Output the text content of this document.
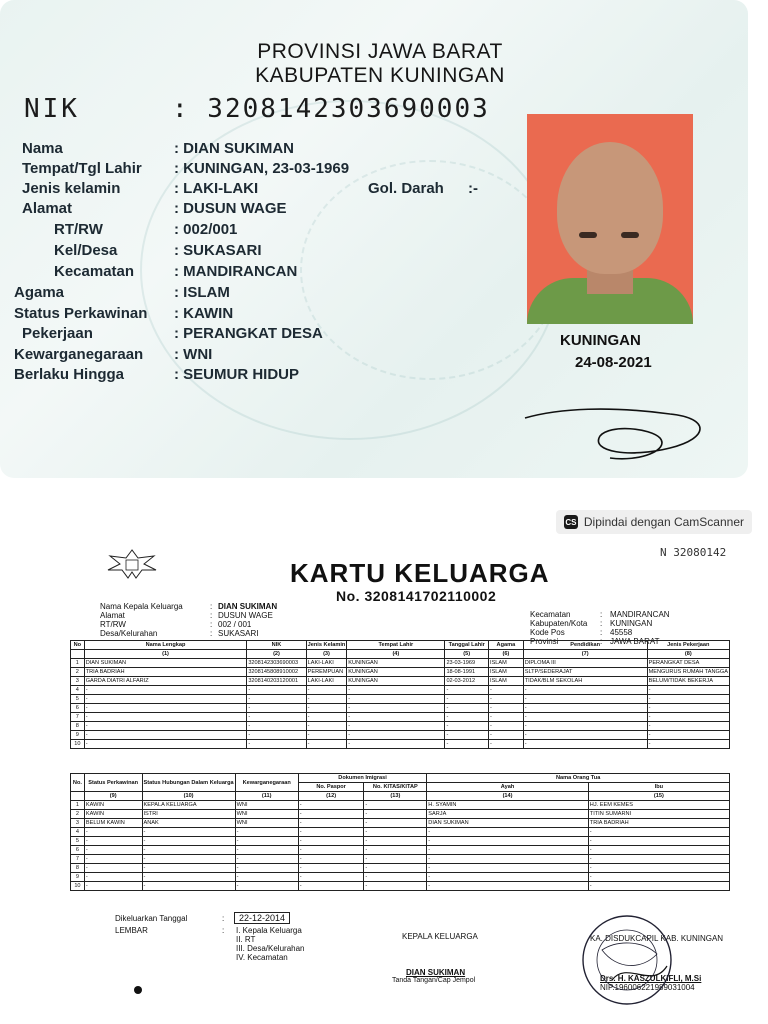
PROVINSI JAWA BARAT
KABUPATEN KUNINGAN
NIK	: 3208142303690003
Nama	: DIAN SUKIMAN
Tempat/Tgl Lahir : KUNINGAN, 23-03-1969
Jenis kelamin	: LAKI-LAKI
Alamat	: DUSUN WAGE
RT/RW	: 002/001
Kel/Desa	: SUKASARI
Kecamatan	: MANDIRANCAN
Agama	: ISLAM
Status Perkawinan : KAWIN
Pekerjaan	: PERANGKAT DESA
Kewarganegaraan : WNI
Berlaku Hingga	: SEUMUR HIDUP
Gol. Darah :-
KUNINGAN
24-08-2021
CS Dipindai dengan CamScanner
KARTU KELUARGA
No. 3208141702110002
N 32080142
Nama Kepala Keluarga	: DIAN SUKIMAN
Alamat	: DUSUN WAGE
RT/RW	: 002 / 001
Desa/Kelurahan	: SUKASARI
Kecamatan	: MANDIRANCAN
Kabupaten/Kota : KUNINGAN
Kode Pos	: 45558
Provinsi	: JAWA BARAT
No	Nama Lengkap	NIK	Jenis Kelamin	Tempat Lahir	Tanggal Lahir	Agama	Pendidikan	Jenis Pekerjaan
	(1)	(2)	(3)	(4)	(5)	(6)	(7)	(8)
1	DIAN SUKIMAN	3208142303690003	LAKI-LAKI	KUNINGAN	23-03-1969	ISLAM	DIPLOMA III	PERANGKAT DESA
2	TRIA BADRIAH	3208145808910002	PEREMPUAN	KUNINGAN	18-08-1991	ISLAM	SLTP/SEDERAJAT	MENGURUS RUMAH TANGGA
3	GARDA DIATRI ALFARIZ	3208140203120001	LAKI-LAKI	KUNINGAN	02-03-2012	ISLAM	TIDAK/BLM SEKOLAH	BELUM/TIDAK BEKERJA
4	-	-	-	-	-	-	-	-
5	-	-	-	-	-	-	-	-
6	-	-	-	-	-	-	-	-
7	-	-	-	-	-	-	-	-
8	-	-	-	-	-	-	-	-
9	-	-	-	-	-	-	-	-
10	-	-	-	-	-	-	-	-
No.	Status Perkawinan	Status Hubungan Dalam Keluarga	Kewarganegaraan	Dokumen Imigrasi		Nama Orang Tua	
				No. Paspor	No. KITAS/KITAP	Ayah	Ibu
	(9)	(10)	(11)	(12)	(13)	(14)	(15)
1	KAWIN	KEPALA KELUARGA	WNI	-	-	H. SYAMIN	HJ. EEM KEMES
2	KAWIN	ISTRI	WNI	-	-	SARJA	TITIN SUMARNI
3	BELUM KAWIN	ANAK	WNI	-	-	DIAN SUKIMAN	TRIA BADRIAH
4	-	-	-	-	-	-	-
5	-	-	-	-	-	-	-
6	-	-	-	-	-	-	-
7	-	-	-	-	-	-	-
8	-	-	-	-	-	-	-
9	-	-	-	-	-	-	-
10	-	-	-	-	-	-	-
Dikeluarkan Tanggal	:	22-12-2014
LEMBAR	: I. Kepala Keluarga
II. RT
III. Desa/Kelurahan
IV. Kecamatan
KEPALA KELUARGA
DIAN SUKIMAN
Tanda Tangan/Cap Jempol
KA. DISDUKCAPIL KAB. KUNINGAN
Drs. H. KASZULKIFLI, M.Si
NIP.196006221989031004
